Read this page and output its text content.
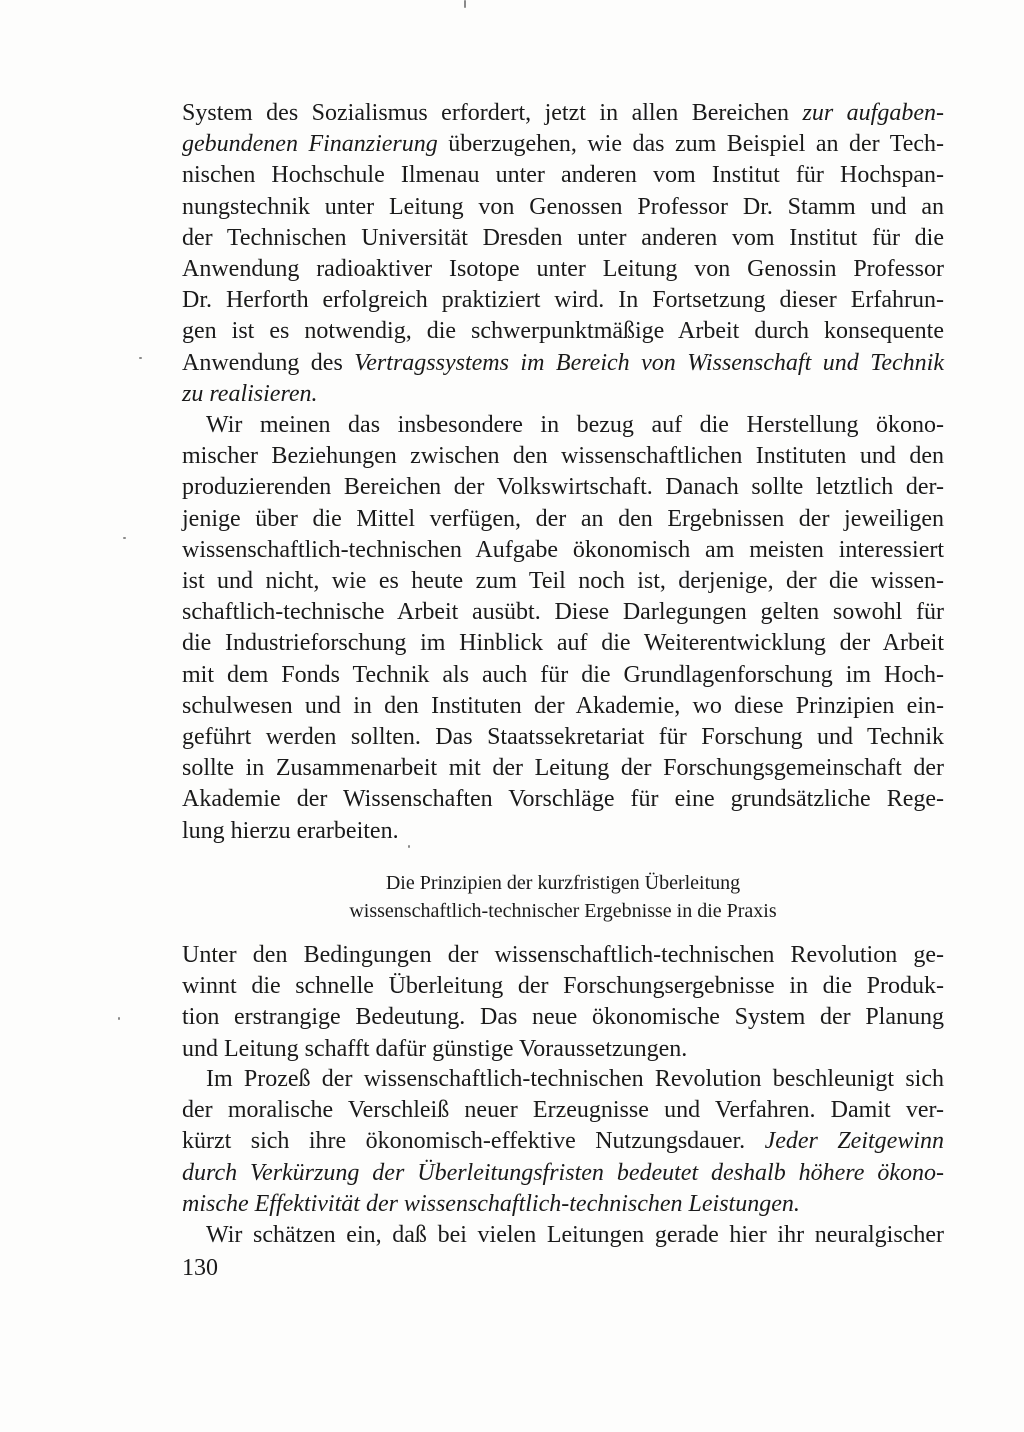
System des Sozialismus erfordert, jetzt in allen Bereichen zur aufgaben-
gebundenen Finanzierung überzugehen, wie das zum Beispiel an der Tech-
nischen Hochschule Ilmenau unter anderen vom Institut für Hochspan-
nungstechnik unter Leitung von Genossen Professor Dr. Stamm und an
der Technischen Universität Dresden unter anderen vom Institut für die
Anwendung radioaktiver Isotope unter Leitung von Genossin Professor
Dr. Herforth erfolgreich praktiziert wird. In Fortsetzung dieser Erfahrun-
gen ist es notwendig, die schwerpunktmäßige Arbeit durch konsequente
Anwendung des Vertragssystems im Bereich von Wissenschaft und Technik
zu realisieren.
Wir meinen das insbesondere in bezug auf die Herstellung ökono-
mischer Beziehungen zwischen den wissenschaftlichen Instituten und den
produzierenden Bereichen der Volkswirtschaft. Danach sollte letztlich der-
jenige über die Mittel verfügen, der an den Ergebnissen der jeweiligen
wissenschaftlich-technischen Aufgabe ökonomisch am meisten interessiert
ist und nicht, wie es heute zum Teil noch ist, derjenige, der die wissen-
schaftlich-technische Arbeit ausübt. Diese Darlegungen gelten sowohl für
die Industrieforschung im Hinblick auf die Weiterentwicklung der Arbeit
mit dem Fonds Technik als auch für die Grundlagenforschung im Hoch-
schulwesen und in den Instituten der Akademie, wo diese Prinzipien ein-
geführt werden sollten. Das Staatssekretariat für Forschung und Technik
sollte in Zusammenarbeit mit der Leitung der Forschungsgemeinschaft der
Akademie der Wissenschaften Vorschläge für eine grundsätzliche Rege-
lung hierzu erarbeiten.
Die Prinzipien der kurzfristigen Überleitung
wissenschaftlich-technischer Ergebnisse in die Praxis
Unter den Bedingungen der wissenschaftlich-technischen Revolution ge-
winnt die schnelle Überleitung der Forschungsergebnisse in die Produk-
tion erstrangige Bedeutung. Das neue ökonomische System der Planung
und Leitung schafft dafür günstige Voraussetzungen.
Im Prozeß der wissenschaftlich-technischen Revolution beschleunigt sich
der moralische Verschleiß neuer Erzeugnisse und Verfahren. Damit ver-
kürzt sich ihre ökonomisch-effektive Nutzungsdauer. Jeder Zeitgewinn
durch Verkürzung der Überleitungsfristen bedeutet deshalb höhere ökono-
mische Effektivität der wissenschaftlich-technischen Leistungen.
Wir schätzen ein, daß bei vielen Leitungen gerade hier ihr neuralgischer
130
